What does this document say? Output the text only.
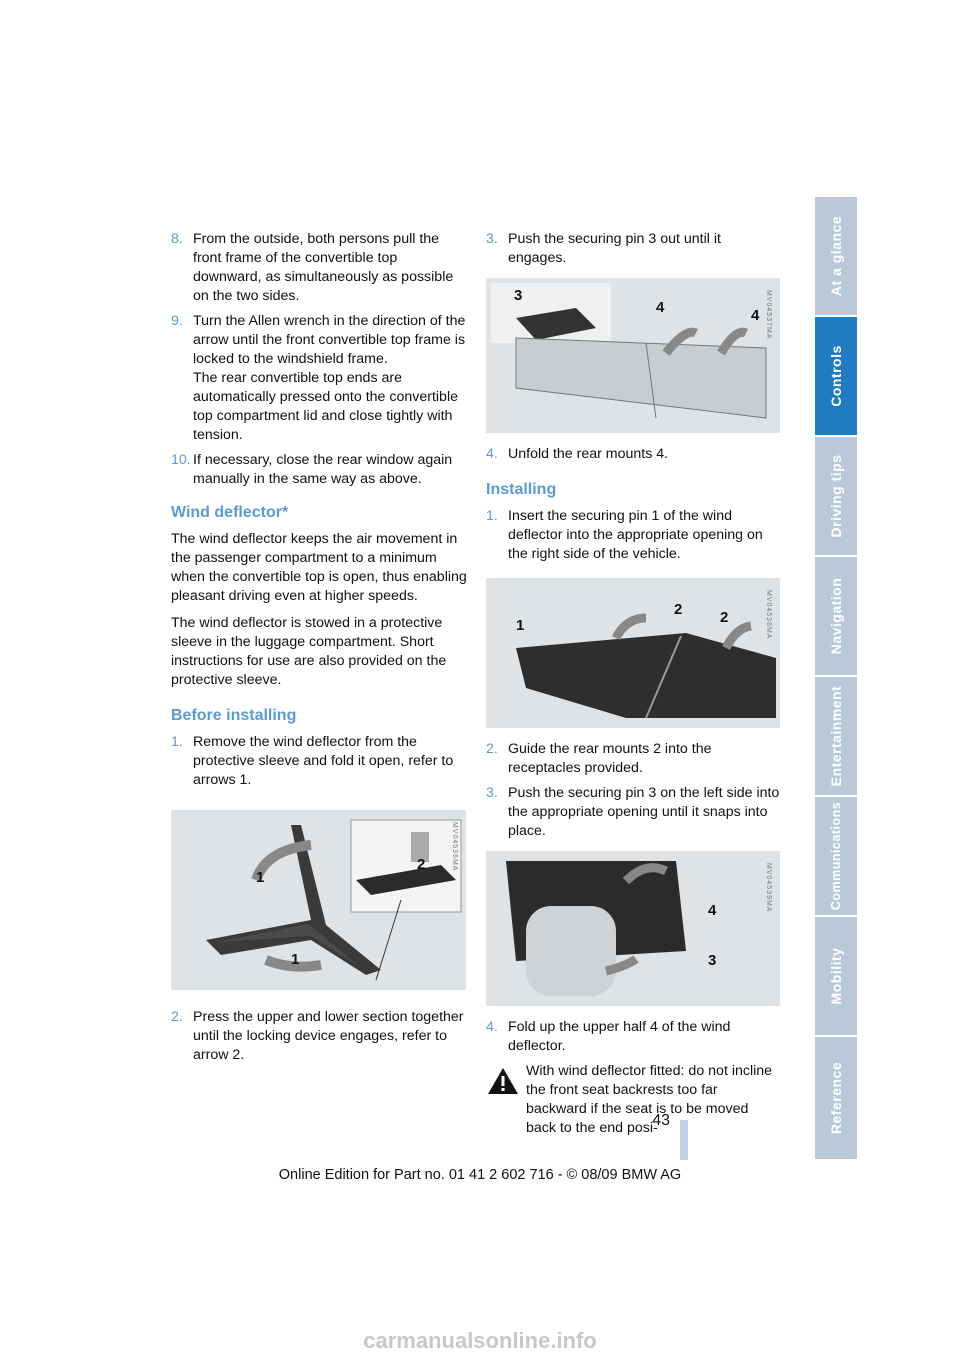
8. From the outside, both persons pull the front frame of the convertible top downward, as simultaneously as possible on the two sides.
9. Turn the Allen wrench in the direction of the arrow until the front convertible top frame is locked to the windshield frame.
The rear convertible top ends are automatically pressed onto the convertible top compartment lid and close tightly with tension.
10. If necessary, close the rear window again manually in the same way as above.
Wind deflector*

The wind deflector keeps the air movement in the passenger compartment to a minimum when the convertible top is open, thus enabling pleasant driving even at higher speeds.

The wind deflector is stowed in a protective sleeve in the luggage compartment. Short instructions for use are also provided on the protective sleeve.

Before installing
1. Remove the wind deflector from the protective sleeve and fold it open, refer to arrows 1.
1
1
2	MV04536MA
2. Press the upper and lower section together until the locking device engages, refer to arrow 2.
3. Push the securing pin 3 out until it engages.
3
4	4 MV04537MA
4. Unfold the rear mounts 4.
Installing
1. Insert the securing pin 1 of the wind deflector into the appropriate opening on the right side of the vehicle.
1
2	2	MV04538MA
2. Guide the rear mounts 2 into the receptacles provided.
3. Push the securing pin 3 on the left side into the appropriate opening until it snaps into place.
4
3
MV04539MA
4. Fold up the upper half 4 of the wind deflector.
With wind deflector fitted: do not incline the front seat backrests too far backward if the seat is to be moved back to the end posi-
At a glance
Controls
Driving tips
Navigation
Entertainment
Communications
Mobility
Reference
43
Online Edition for Part no. 01 41 2 602 716 - © 08/09 BMW AG
carmanualsonline.info
